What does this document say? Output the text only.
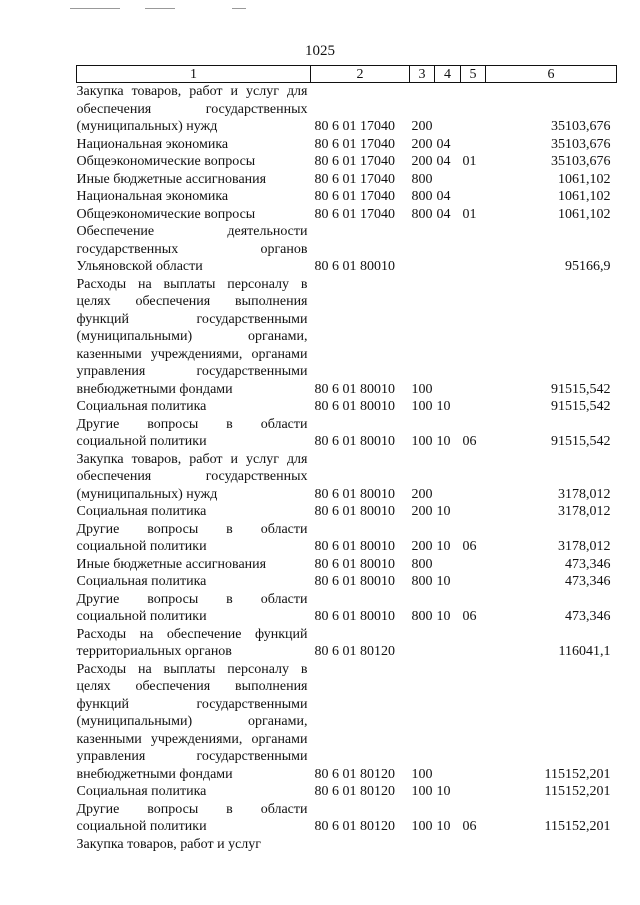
1025
1	2	3	4	5	6
Закупка товаров, работ и услуг для обеспечения государственных (муниципальных) нужд	80 6 01 17040	200			35103,676
Национальная экономика	80 6 01 17040	200	04		35103,676
Общеэкономические вопросы	80 6 01 17040	200	04	01	35103,676
Иные бюджетные ассигнования	80 6 01 17040	800			1061,102
Национальная экономика	80 6 01 17040	800	04		1061,102
Общеэкономические вопросы	80 6 01 17040	800	04	01	1061,102
Обеспечение деятельности государственных органов Ульяновской области	80 6 01 80010				95166,9
Расходы на выплаты персоналу в целях обеспечения выполнения функций государственными (муниципальными) органами, казенными учреждениями, органами управления государственными внебюджетными фондами	80 6 01 80010	100			91515,542
Социальная политика	80 6 01 80010	100	10		91515,542
Другие вопросы в области социальной политики	80 6 01 80010	100	10	06	91515,542
Закупка товаров, работ и услуг для обеспечения государственных (муниципальных) нужд	80 6 01 80010	200			3178,012
Социальная политика	80 6 01 80010	200	10		3178,012
Другие вопросы в области социальной политики	80 6 01 80010	200	10	06	3178,012
Иные бюджетные ассигнования	80 6 01 80010	800			473,346
Социальная политика	80 6 01 80010	800	10		473,346
Другие вопросы в области социальной политики	80 6 01 80010	800	10	06	473,346
Расходы на обеспечение функций территориальных органов	80 6 01 80120				116041,1
Расходы на выплаты персоналу в целях обеспечения выполнения функций государственными (муниципальными) органами, казенными учреждениями, органами управления государственными внебюджетными фондами	80 6 01 80120	100			115152,201
Социальная политика	80 6 01 80120	100	10		115152,201
Другие вопросы в области социальной политики	80 6 01 80120	100	10	06	115152,201
Закупка товаров, работ и услуг					
